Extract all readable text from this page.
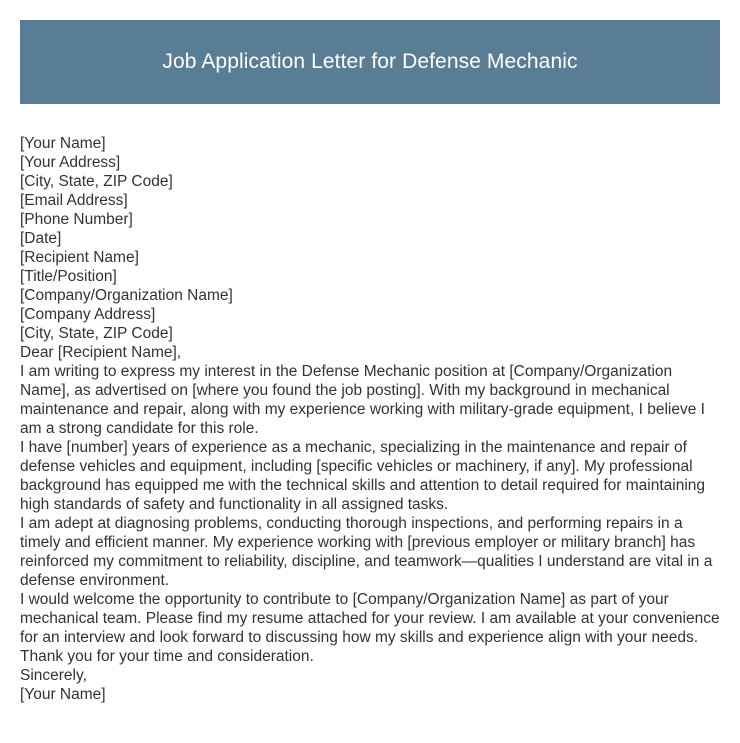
Job Application Letter for Defense Mechanic
[Your Name]
[Your Address]
[City, State, ZIP Code]
[Email Address]
[Phone Number]
[Date]
[Recipient Name]
[Title/Position]
[Company/Organization Name]
[Company Address]
[City, State, ZIP Code]
Dear [Recipient Name],

I am writing to express my interest in the Defense Mechanic position at [Company/Organization Name], as advertised on [where you found the job posting]. With my background in mechanical maintenance and repair, along with my experience working with military-grade equipment, I believe I am a strong candidate for this role.

I have [number] years of experience as a mechanic, specializing in the maintenance and repair of defense vehicles and equipment, including [specific vehicles or machinery, if any]. My professional background has equipped me with the technical skills and attention to detail required for maintaining high standards of safety and functionality in all assigned tasks.

I am adept at diagnosing problems, conducting thorough inspections, and performing repairs in a timely and efficient manner. My experience working with [previous employer or military branch] has reinforced my commitment to reliability, discipline, and teamwork—qualities I understand are vital in a defense environment.

I would welcome the opportunity to contribute to [Company/Organization Name] as part of your mechanical team. Please find my resume attached for your review. I am available at your convenience for an interview and look forward to discussing how my skills and experience align with your needs.

Thank you for your time and consideration.

Sincerely,
[Your Name]
